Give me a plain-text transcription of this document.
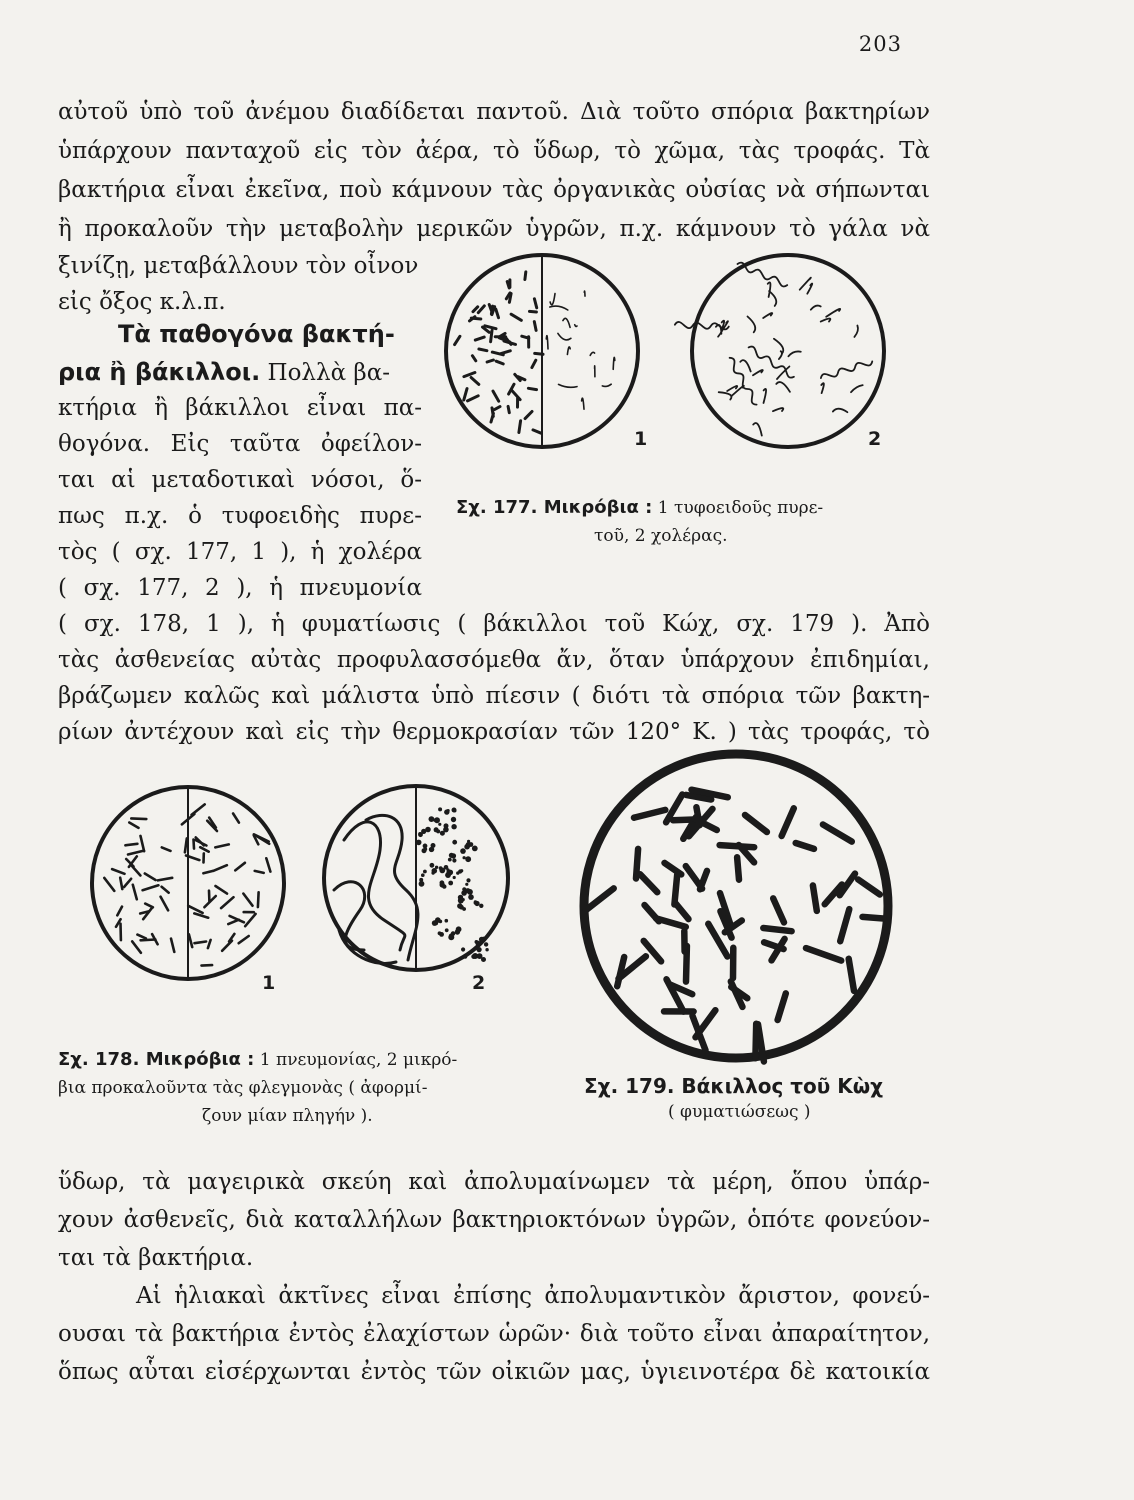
203
αὐτοῦ ὑπὸ τοῦ ἀνέμου διαδίδεται παντοῦ. Διὰ τοῦτο σπόρια βακτηρίων
ὑπάρχουν πανταχοῦ εἰς τὸν ἀέρα, τὸ ὕδωρ, τὸ χῶμα, τὰς τροφάς. Τὰ
βακτήρια εἶναι ἐκεῖνα, ποὺ κάμνουν τὰς ὀργανικὰς οὐσίας νὰ σήπωνται
ἢ προκαλοῦν τὴν μεταβολὴν μερικῶν ὑγρῶν, π.χ. κάμνουν τὸ γάλα νὰ
ξινίζῃ, μεταβάλλουν τὸν οἶνον
εἰς ὄξος κ.λ.π.
Τὰ παθογόνα βακτή-
ρια ἢ βάκιλλοι. Πολλὰ βα-
κτήρια ἢ βάκιλλοι εἶναι πα-
θογόνα. Εἰς ταῦτα ὀφείλον-
ται αἱ μεταδοτικαὶ νόσοι, ὅ-
πως π.χ. ὁ τυφοειδὴς πυρε-
τὸς ( σχ. 177, 1 ), ἡ χολέρα
( σχ. 177, 2 ), ἡ πνευμονία
( σχ. 178, 1 ), ἡ φυματίωσις ( βάκιλλοι τοῦ Κώχ, σχ. 179 ). Ἀπὸ
τὰς ἀσθενείας αὐτὰς προφυλασσόμεθα ἄν, ὅταν ὑπάρχουν ἐπιδημίαι,
βράζωμεν καλῶς καὶ μάλιστα ὑπὸ πίεσιν ( διότι τὰ σπόρια τῶν βακτη-
ρίων ἀντέχουν καὶ εἰς τὴν θερμοκρασίαν τῶν 120° Κ. ) τὰς τροφάς, τὸ
1	2
Σχ. 177. Μικρόβια : 1 τυφοειδοῦς πυρε-
τοῦ, 2 χολέρας.
1	2
Σχ. 178. Μικρόβια : 1 πνευμονίας, 2 μικρό-
βια προκαλοῦντα τὰς φλεγμονὰς ( ἀφορμί-
ζουν μίαν πληγήν ).
Σχ. 179. Βάκιλλος τοῦ Κὼχ
( φυματιώσεως )
ὕδωρ, τὰ μαγειρικὰ σκεύη καὶ ἀπολυμαίνωμεν τὰ μέρη, ὅπου ὑπάρ-
χουν ἀσθενεῖς, διὰ καταλλήλων βακτηριοκτόνων ὑγρῶν, ὁπότε φονεύον-
ται τὰ βακτήρια.
Αἱ ἡλιακαὶ ἀκτῖνες εἶναι ἐπίσης ἀπολυμαντικὸν ἄριστον, φονεύ-
ουσαι τὰ βακτήρια ἐντὸς ἐλαχίστων ὡρῶν· διὰ τοῦτο εἶναι ἀπαραίτητον,
ὅπως αὗται εἰσέρχωνται ἐντὸς τῶν οἰκιῶν μας, ὑγιεινοτέρα δὲ κατοικία
